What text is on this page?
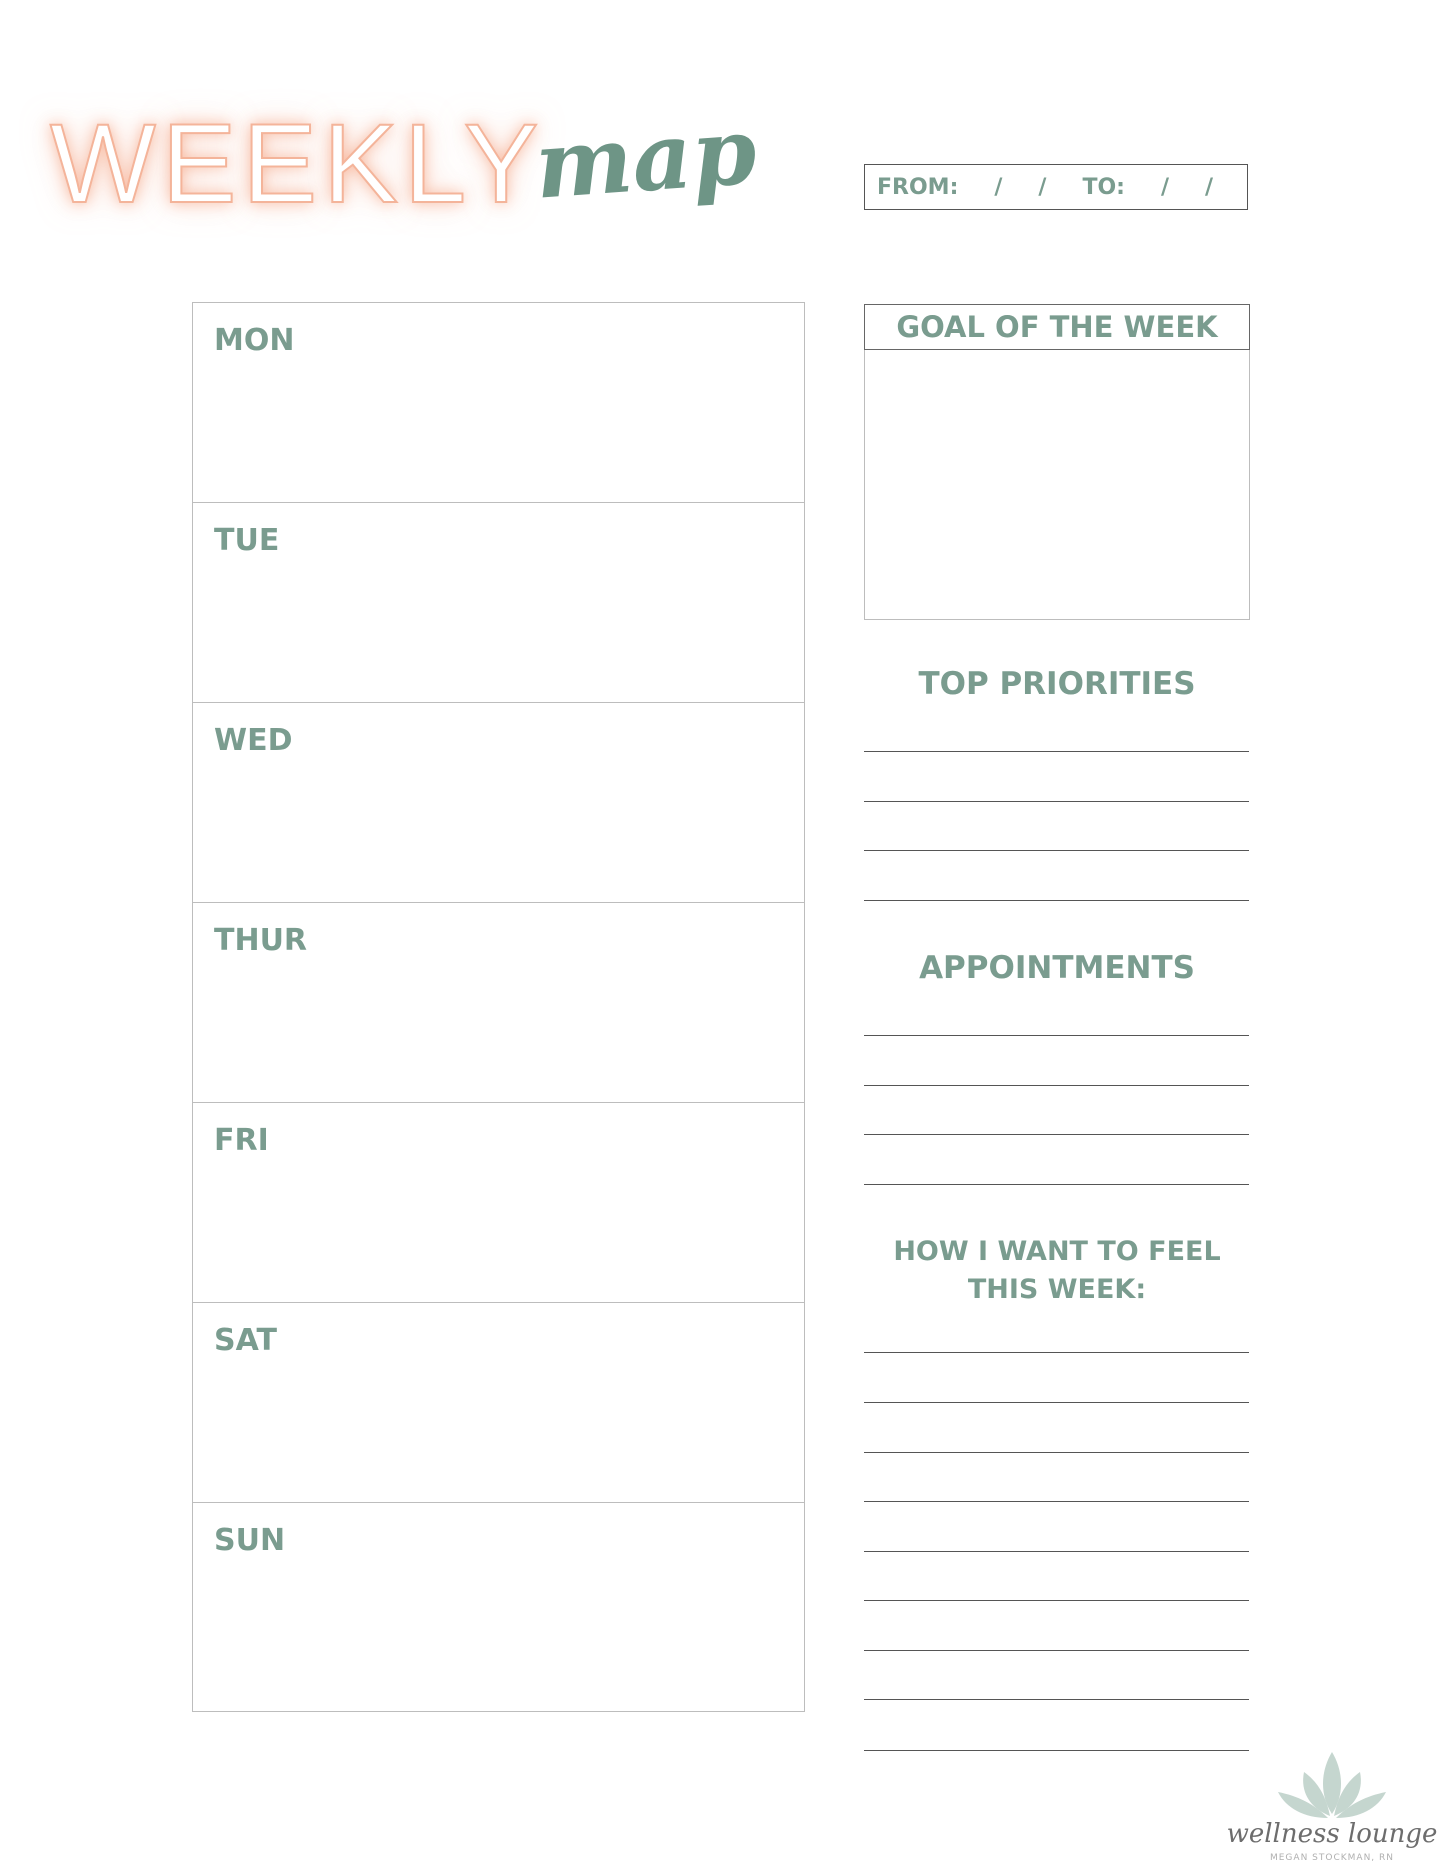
WEEKLY
map	FROM: / / TO: / /
MON
TUE
WED
THUR
FRI
SAT
SUN
GOAL OF THE WEEK
TOP PRIORITIES
APPOINTMENTS
HOW I WANT TO FEEL
THIS WEEK:
wellness lounge
MEGAN STOCKMAN, RN
